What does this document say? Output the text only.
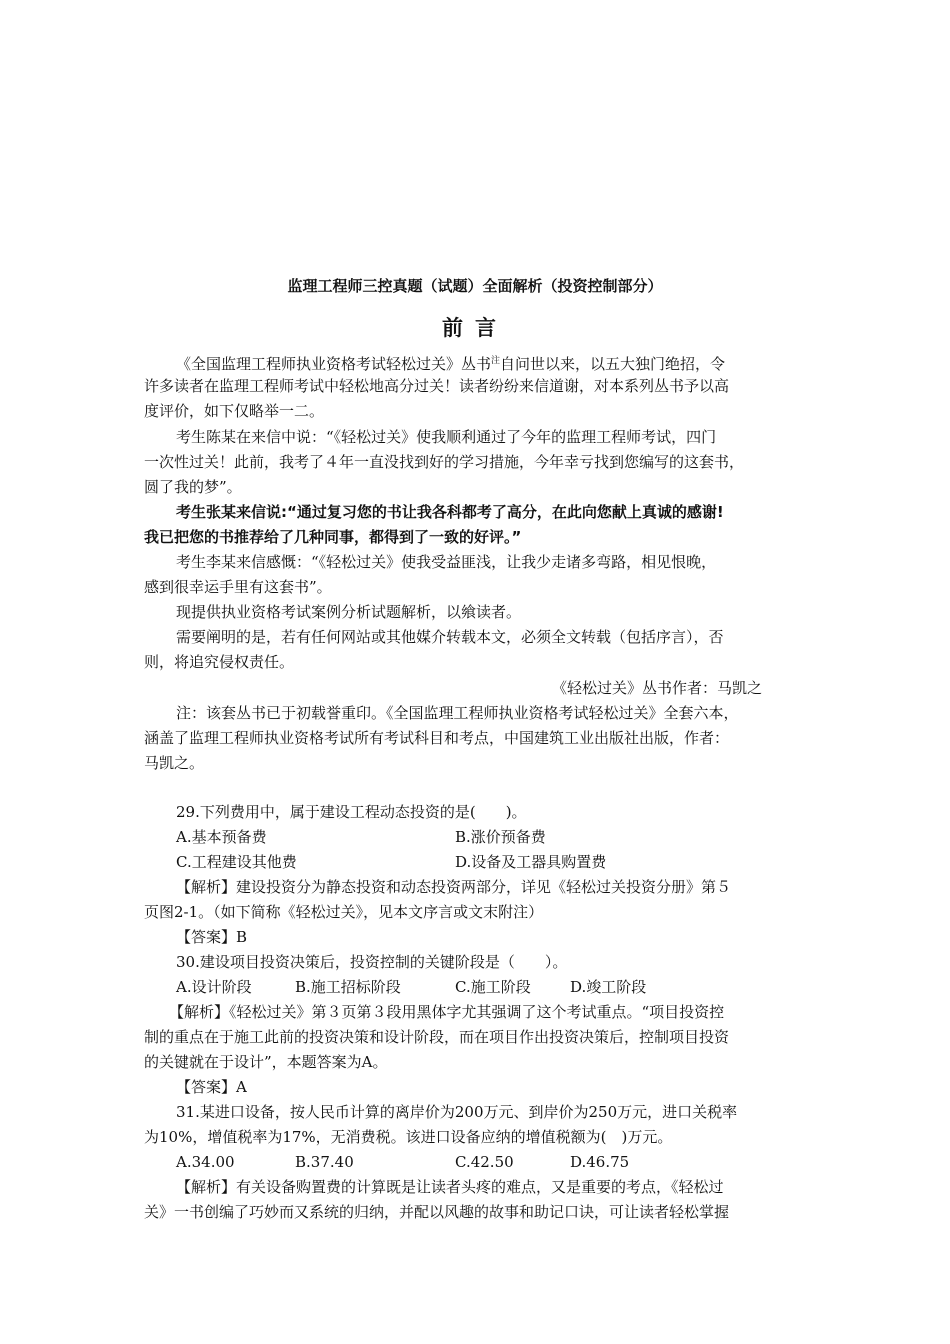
监理工程师三控真题（试题）全面解析（投资控制部分）
前言
《全国监理工程师执业资格考试轻松过关》丛书$^注$自问世以来，以五大独门绝招，令
许多读者在监理工程师考试中轻松地高分过关！读者纷纷来信道谢，对本系列丛书予以高
度评价，如下仅略举一二。
考生陈某在来信中说：“《轻松过关》使我顺利通过了今年的监理工程师考试，四门
一次性过关！此前，我考了４年一直没找到好的学习措施，今年幸亏找到您编写的这套书，
圆了我的梦”。
考生张某来信说:“通过复习您的书让我各科都考了高分，在此向您献上真诚的感谢!
我已把您的书推荐给了几种同事，都得到了一致的好评。”
考生李某来信感慨：“《轻松过关》使我受益匪浅，让我少走诸多弯路，相见恨晚，
感到很幸运手里有这套书”。
现提供执业资格考试案例分析试题解析，以飨读者。
需要阐明的是，若有任何网站或其他媒介转载本文，必须全文转载（包括序言），否
则，将追究侵权责任。
《轻松过关》丛书作者：马凯之
注：该套丛书已于初载誉重印。《全国监理工程师执业资格考试轻松过关》全套六本，
涵盖了监理工程师执业资格考试所有考试科目和考点，中国建筑工业出版社出版，作者：
马凯之。
29.下列费用中，属于建设工程动态投资的是(　　)。
A.基本预备费	B.涨价预备费
C.工程建设其他费	D.设备及工器具购置费
【解析】建设投资分为静态投资和动态投资两部分，详见《轻松过关投资分册》第５
页图2-1。（如下简称《轻松过关》，见本文序言或文末附注）
【答案】B
30.建设项目投资决策后，投资控制的关键阶段是（　　）。
A.设计阶段	B.施工招标阶段	C.施工阶段	D.竣工阶段
【解析】《轻松过关》第３页第３段用黑体字尤其强调了这个考试重点。“项目投资控
制的重点在于施工此前的投资决策和设计阶段，而在项目作出投资决策后，控制项目投资
的关键就在于设计”，本题答案为A。
【答案】A
31.某进口设备，按人民币计算的离岸价为200万元、到岸价为250万元，进口关税率
为10%，增值税率为17%，无消费税。该进口设备应纳的增值税额为(　)万元。
A.34.00	B.37.40	C.42.50	D.46.75
【解析】有关设备购置费的计算既是让读者头疼的难点，又是重要的考点，《轻松过
关》一书创编了巧妙而又系统的归纳，并配以风趣的故事和助记口诀，可让读者轻松掌握
